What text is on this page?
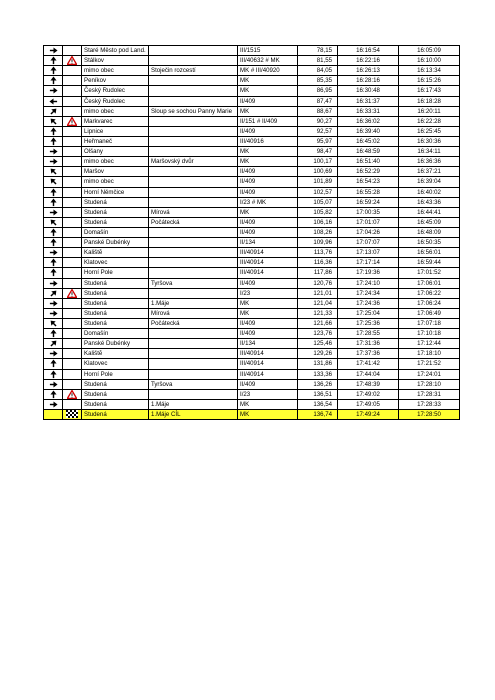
		Staré Město pod Land.		III/1515	78,15	16:16:54	16:05:09
		Stálkov		III/40632 # MK	81,55	16:22:16	16:10:00
		mimo obec	Stoječin rozcestí	MK # III/40920	84,05	16:26:13	16:13:34
		Peníkov		MK	85,35	16:28:16	16:15:26
		Český Rudolec		MK	86,95	16:30:48	16:17:43
		Český Rudolec		II/409	87,47	16:31:37	16:18:28
		mimo obec	Sloup se sochou Panny Marie	MK	88,67	16:33:31	16:20:11
		Markvarec		II/151 # II/409	90,27	16:36:02	16:22:28
		Lipnice		II/409	92,57	16:39:40	16:25:45
		Heřmaneč		III/40916	95,97	16:45:02	16:30:36
		Olšany		MK	98,47	16:48:59	16:34:11
		mimo obec	Maršovský dvůr	MK	100,17	16:51:40	16:36:36
		Maršov		II/409	100,69	16:52:29	16:37:21
		mimo obec		II/409	101,89	16:54:23	16:39:04
		Horní Němčice		II/409	102,57	16:55:28	16:40:02
		Studená		I/23 # MK	105,07	16:59:24	16:43:36
		Studená	Mírová	MK	105,82	17:00:35	16:44:41
		Studená	Počátecká	II/409	106,16	17:01:07	16:45:09
		Domašín		II/409	108,26	17:04:26	16:48:09
		Panské Dubénky		II/134	109,96	17:07:07	16:50:35
		Kalištĕ		III/40914	113,76	17:13:07	16:56:01
		Klatovec		III/40914	116,36	17:17:14	16:59:44
		Horní Pole		III/40914	117,86	17:19:36	17:01:52
		Studená	Tyršova	II/409	120,76	17:24:10	17:06:01
		Studená		I/23	121,01	17:24:34	17:06:22
		Studená	1.Máje	MK	121,04	17:24:36	17:06:24
		Studená	Mírová	MK	121,33	17:25:04	17:06:49
		Studená	Počátecká	II/409	121,66	17:25:36	17:07:18
		Domašín		II/409	123,76	17:28:55	17:10:18
		Panské Dubénky		II/134	125,46	17:31:36	17:12:44
		Kalištĕ		III/40914	129,26	17:37:36	17:18:10
		Klatovec		III/40914	131,86	17:41:42	17:21:52
		Horní Pole		III/40914	133,36	17:44:04	17:24:01
		Studená	Tyršova	II/409	136,26	17:48:39	17:28:10
		Studená		I/23	136,51	17:49:02	17:28:31
		Studená	1.Máje	MK	136,54	17:49:05	17:28:33
		Studená	1.Máje CÍL	MK	136,74	17:49:24	17:28:50
